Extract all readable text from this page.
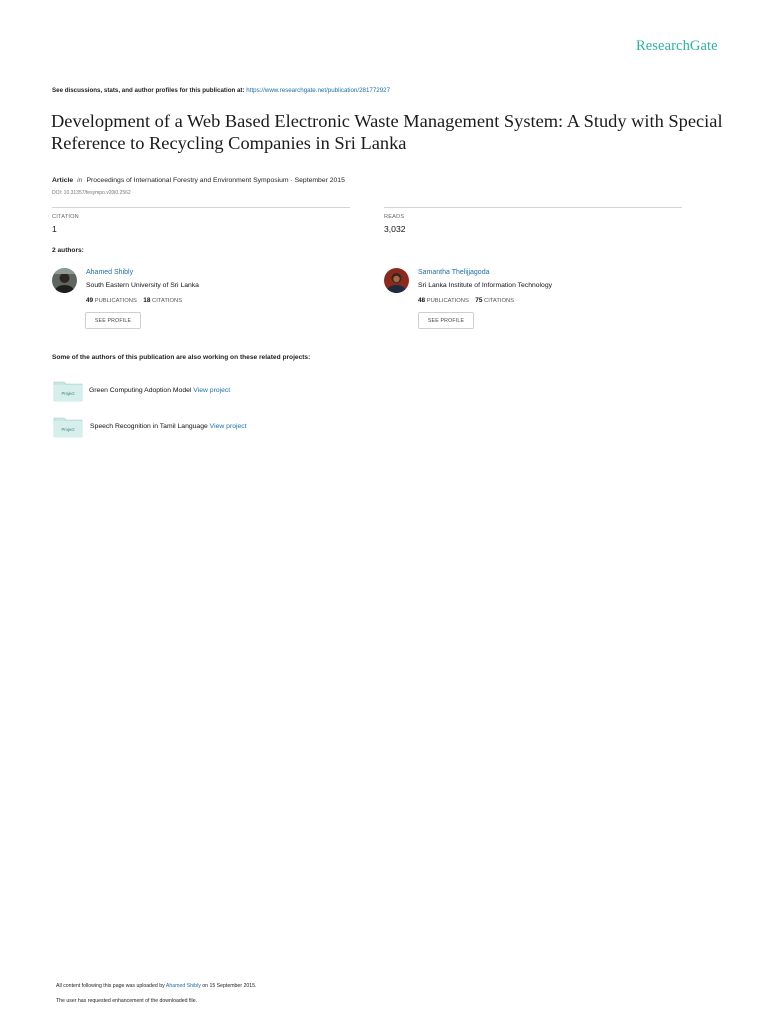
ResearchGate
See discussions, stats, and author profiles for this publication at: https://www.researchgate.net/publication/281772927
Development of a Web Based Electronic Waste Management System: A Study with Special Reference to Recycling Companies in Sri Lanka
Article in Proceedings of International Forestry and Environment Symposium · September 2015
DOI: 10.31357/fesympo.v20i0.2562
CITATION
1
READS
3,032
2 authors:
Ahamed Shibly
South Eastern University of Sri Lanka
49 PUBLICATIONS 18 CITATIONS
SEE PROFILE
Samantha Thelijjagoda
Sri Lanka Institute of Information Technology
48 PUBLICATIONS 75 CITATIONS
SEE PROFILE
Some of the authors of this publication are also working on these related projects:
Project Green Computing Adoption Model View project
Project Speech Recognition in Tamil Language View project
All content following this page was uploaded by Ahamed Shibly on 15 September 2015.
The user has requested enhancement of the downloaded file.
